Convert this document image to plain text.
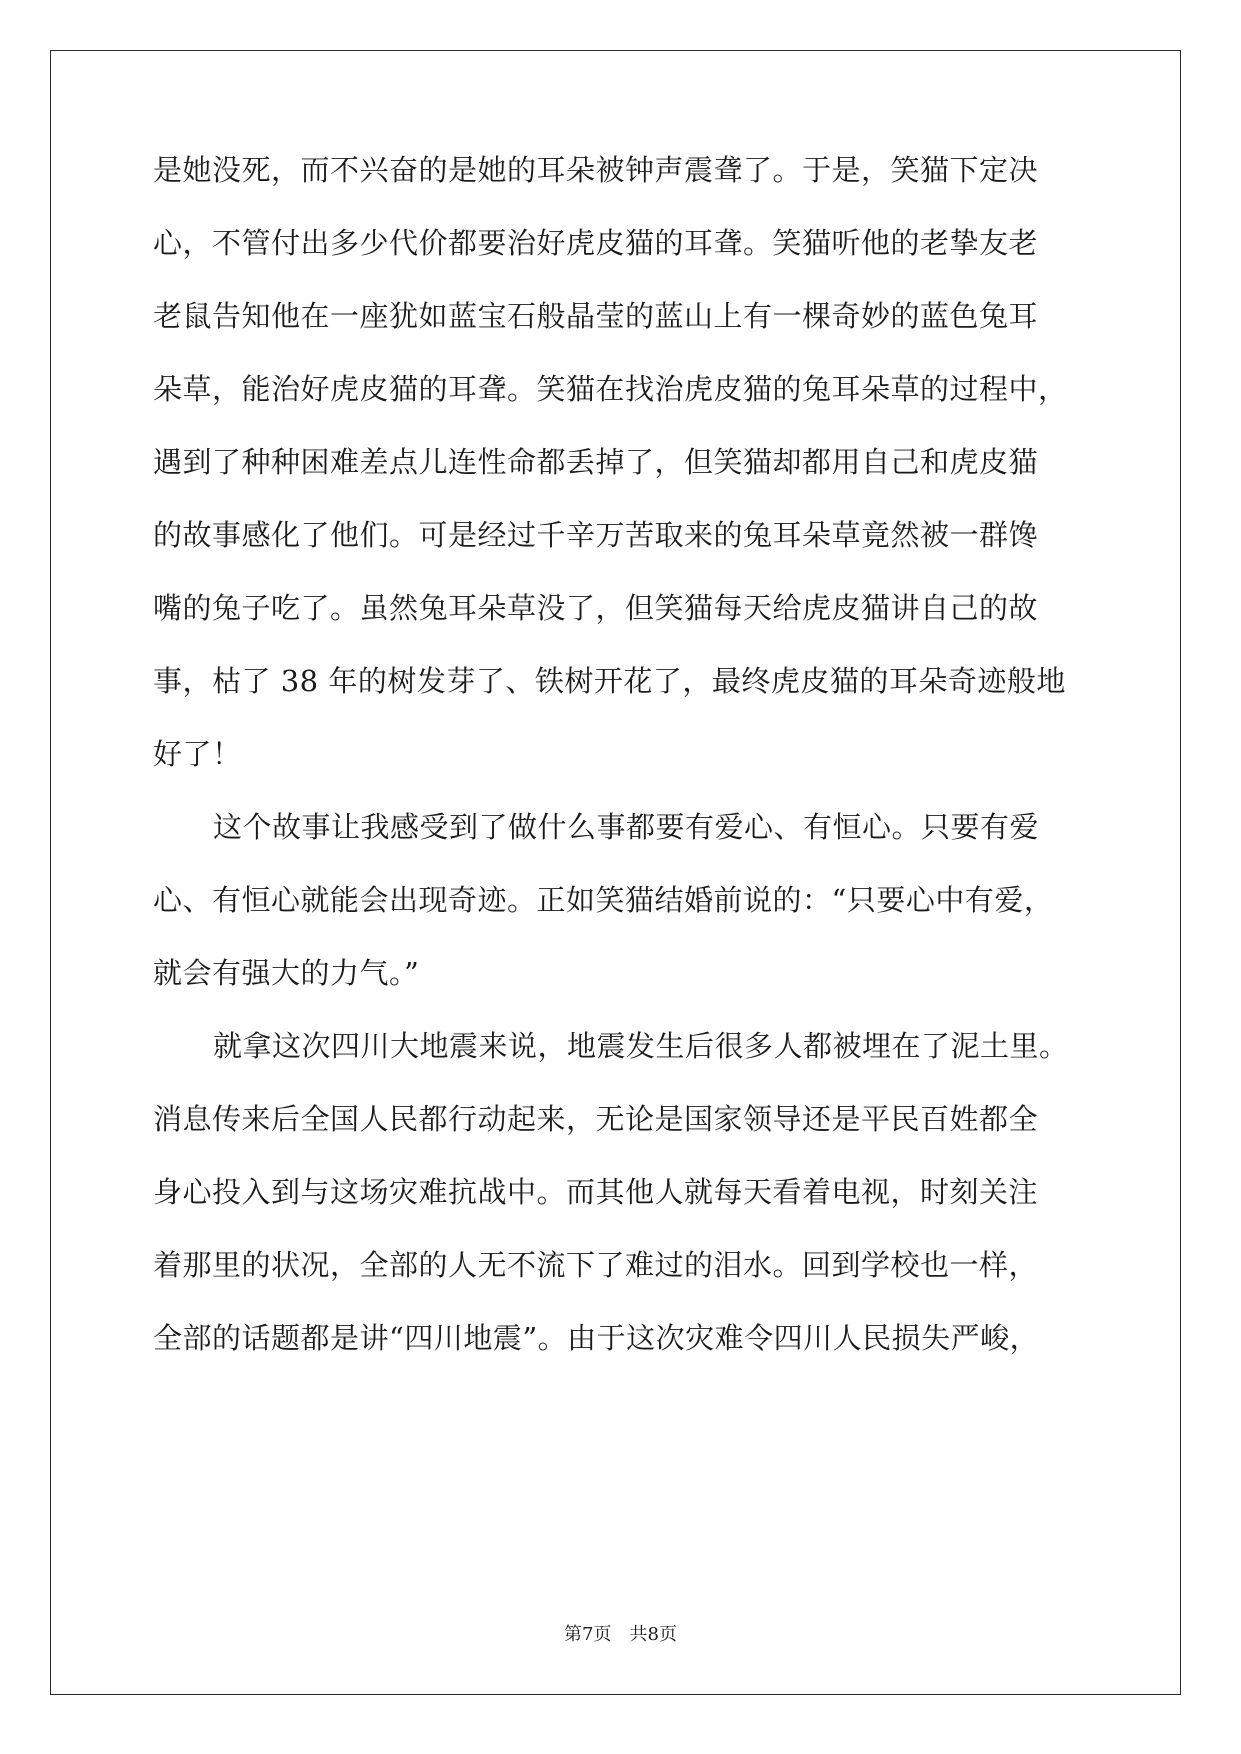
是她没死，而不兴奋的是她的耳朵被钟声震聋了。于是，笑猫下定决
心，不管付出多少代价都要治好虎皮猫的耳聋。笑猫听他的老挚友老
老鼠告知他在一座犹如蓝宝石般晶莹的蓝山上有一棵奇妙的蓝色兔耳
朵草，能治好虎皮猫的耳聋。笑猫在找治虎皮猫的兔耳朵草的过程中，
遇到了种种困难差点儿连性命都丢掉了，但笑猫却都用自己和虎皮猫
的故事感化了他们。可是经过千辛万苦取来的兔耳朵草竟然被一群馋
嘴的兔子吃了。虽然兔耳朵草没了，但笑猫每天给虎皮猫讲自己的故
事，枯了 38 年的树发芽了、铁树开花了，最终虎皮猫的耳朵奇迹般地
好了！
这个故事让我感受到了做什么事都要有爱心、有恒心。只要有爱
心、有恒心就能会出现奇迹。正如笑猫结婚前说的：“只要心中有爱，
就会有强大的力气。”
就拿这次四川大地震来说，地震发生后很多人都被埋在了泥土里。
消息传来后全国人民都行动起来，无论是国家领导还是平民百姓都全
身心投入到与这场灾难抗战中。而其他人就每天看着电视，时刻关注
着那里的状况，全部的人无不流下了难过的泪水。回到学校也一样，
全部的话题都是讲“四川地震”。由于这次灾难令四川人民损失严峻，
第7页 共8页
